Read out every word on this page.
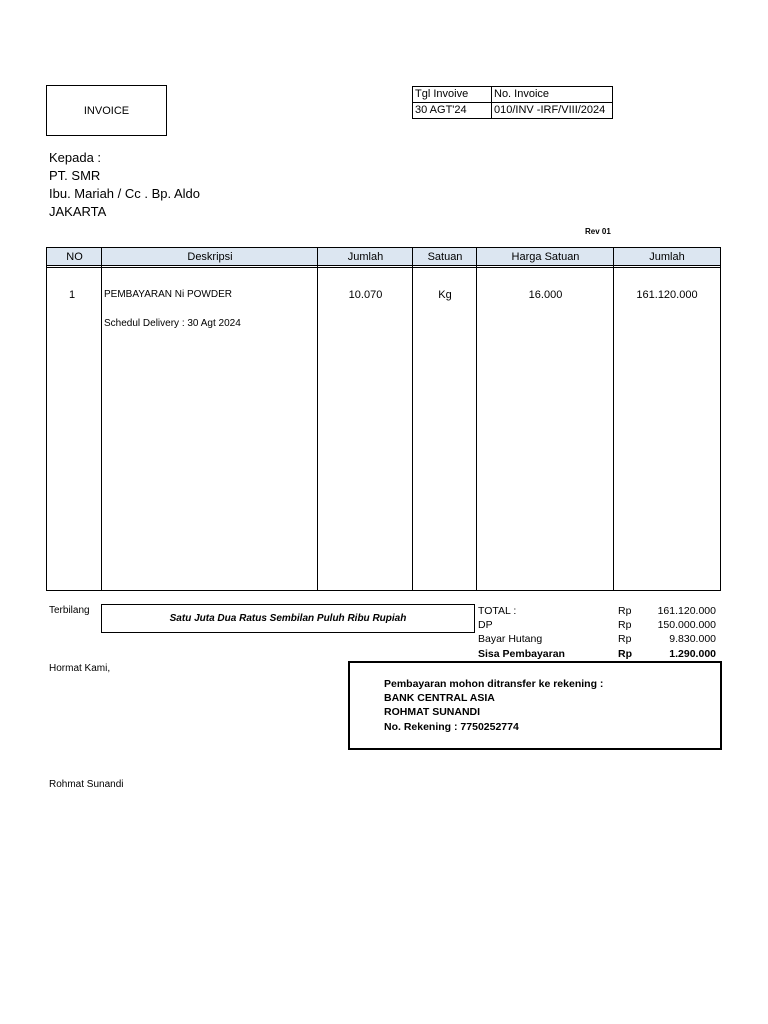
INVOICE
Tgl Invoive	No. Invoice
30 AGT'24	010/INV -IRF/VIII/2024
Kepada :
PT. SMR
Ibu. Mariah / Cc . Bp. Aldo
JAKARTA
Rev 01
NO	Deskripsi	Jumlah	Satuan	Harga Satuan	Jumlah
1	PEMBAYARAN Ni POWDER	10.070	Kg	16.000	161.120.000
Schedul Delivery : 30 Agt 2024
Terbilang
Satu Juta Dua Ratus Sembilan Puluh Ribu Rupiah
TOTAL :	Rp 161.120.000
DP	Rp 150.000.000
Bayar Hutang	Rp	9.830.000
Sisa Pembayaran	Rp	1.290.000
Hormat Kami,
Pembayaran mohon ditransfer ke rekening :
BANK CENTRAL ASIA
ROHMAT SUNANDI
No. Rekening : 7750252774
Rohmat Sunandi
